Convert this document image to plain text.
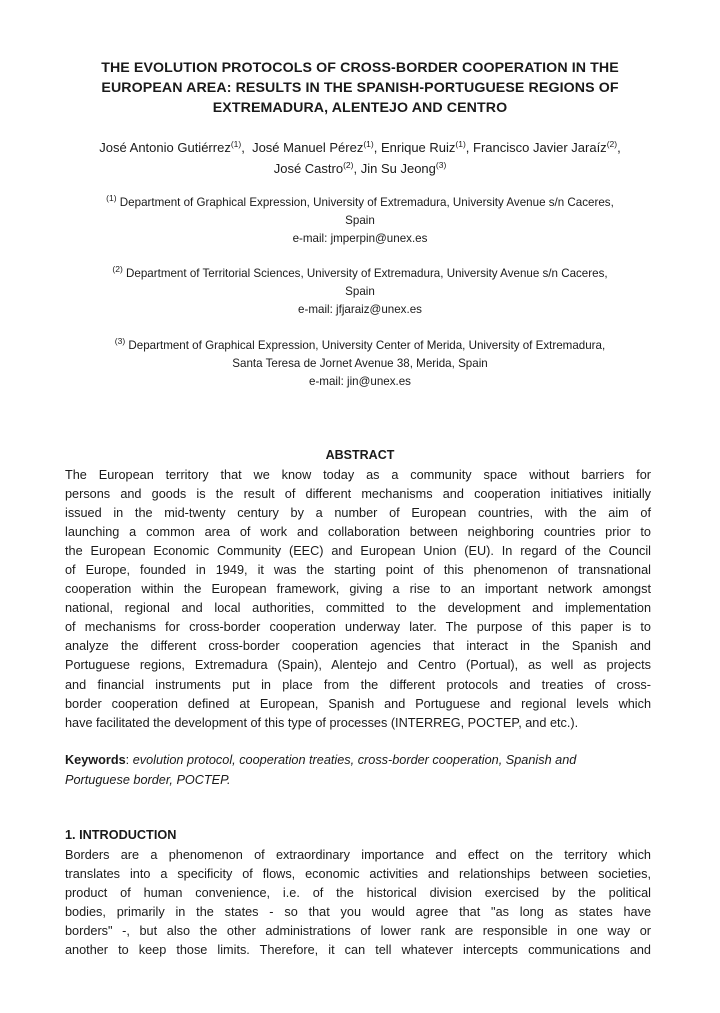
THE EVOLUTION PROTOCOLS OF CROSS-BORDER COOPERATION IN THE
EUROPEAN AREA: RESULTS IN THE SPANISH-PORTUGUESE REGIONS OF
EXTREMADURA, ALENTEJO AND CENTRO
José Antonio Gutiérrez$^{(1)}$,  José Manuel Pérez$^{(1)}$, Enrique Ruiz$^{(1)}$, Francisco Javier Jaraíz$^{(2)}$,
José Castro$^{(2)}$, Jin Su Jeong$^{(3)}$
$^{(1)}$ Department of Graphical Expression, University of Extremadura, University Avenue s/n Caceres,
Spain
e-mail: jmperpin@unex.es
$^{(2)}$ Department of Territorial Sciences, University of Extremadura, University Avenue s/n Caceres,
Spain
e-mail: jfjaraiz@unex.es
$^{(3)}$ Department of Graphical Expression, University Center of Merida, University of Extremadura,
Santa Teresa de Jornet Avenue 38, Merida, Spain
e-mail: jin@unex.es
ABSTRACT
The European territory that we know today as a community space without barriers for
persons and goods is the result of different mechanisms and cooperation initiatives initially
issued in the mid-twenty century by a number of European countries, with the aim of
launching a common area of work and collaboration between neighboring countries prior to
the European Economic Community (EEC) and European Union (EU). In regard of the Council
of Europe, founded in 1949, it was the starting point of this phenomenon of transnational
cooperation within the European framework, giving a rise to an important network amongst
national, regional and local authorities, committed to the development and implementation
of mechanisms for cross-border cooperation underway later. The purpose of this paper is to
analyze the different cross-border cooperation agencies that interact in the Spanish and
Portuguese regions, Extremadura (Spain), Alentejo and Centro (Portual), as well as projects
and financial instruments put in place from the different protocols and treaties of cross-
border cooperation defined at European, Spanish and Portuguese and regional levels which
have facilitated the development of this type of processes (INTERREG, POCTEP, and etc.).
Keywords: evolution protocol, cooperation treaties, cross-border cooperation, Spanish and
Portuguese border, POCTEP.
1. INTRODUCTION
Borders are a phenomenon of extraordinary importance and effect on the territory which
translates into a specificity of flows, economic activities and relationships between societies,
product of human convenience, i.e. of the historical division exercised by the political
bodies, primarily in the states - so that you would agree that "as long as states have
borders" -, but also the other administrations of lower rank are responsible in one way or
another to keep those limits. Therefore, it can tell whatever intercepts communications and
